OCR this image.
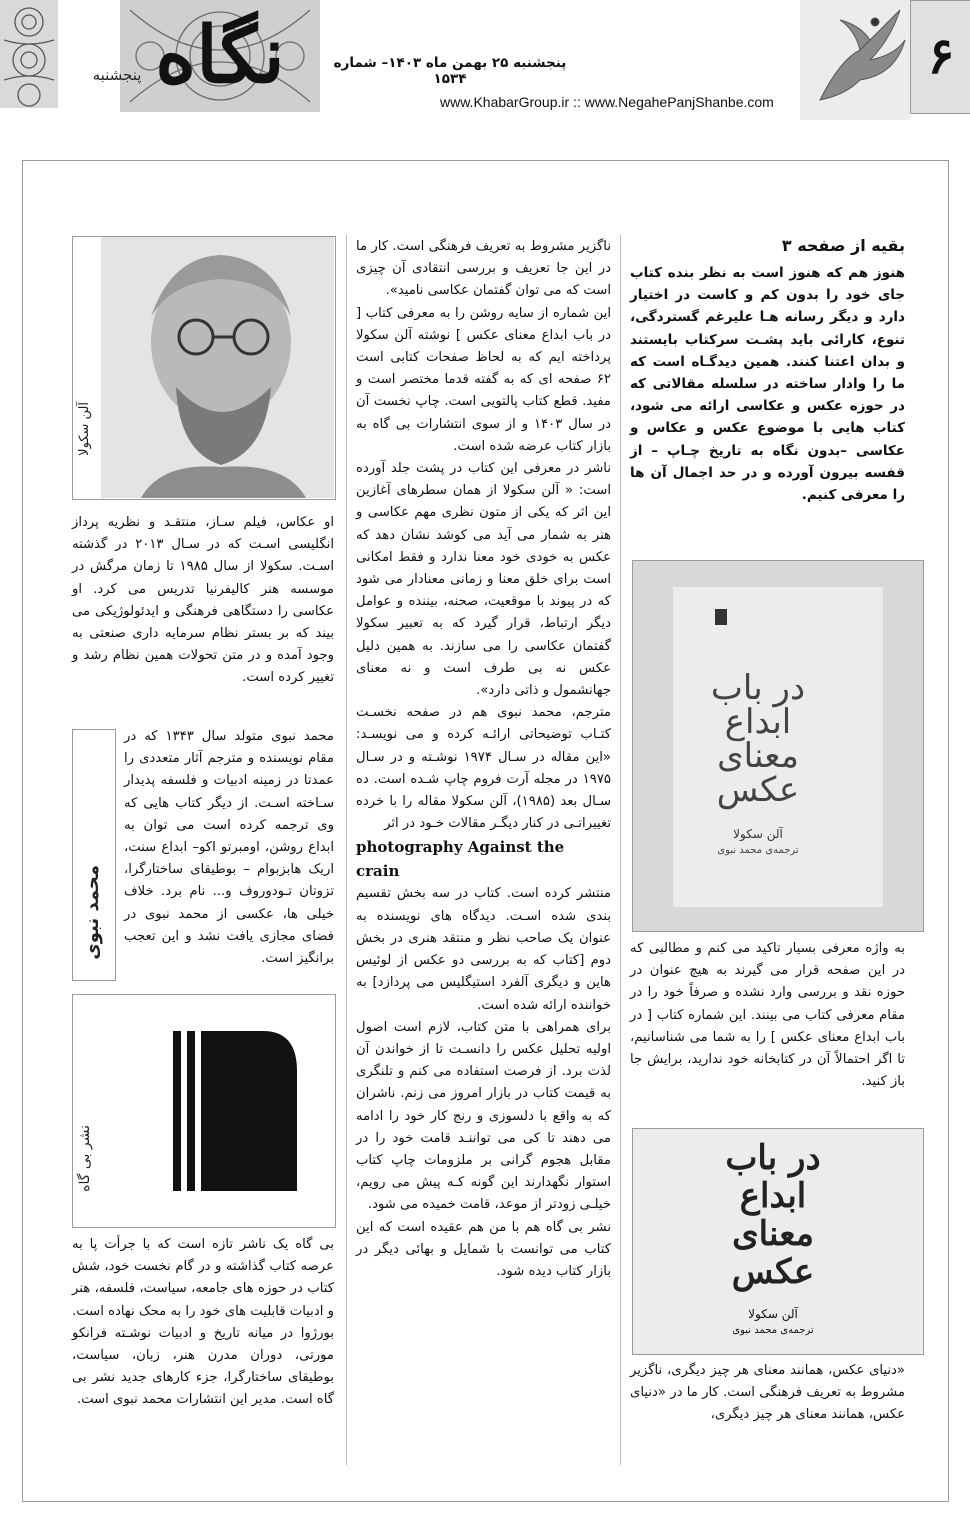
نگاه
پنجشنبه
پنجشنبه ۲۵ بهمن ماه ۱۴۰۳– شماره ۱۵۳۴
www.KhabarGroup.ir :: www.NegahePanjShanbe.com
۶
بقیه از صفحه ۳

هنوز هم که هنوز است به نظر بنده کتاب جای خود را بدون کم و کاست در اختیار دارد و دیگر رسانه هـا علیرغم گستردگی، تنوع، کارائی باید پشـت سرکتاب بایستند و بدان اعتنا کنند. همین دیدگـاه است که ما را وادار ساخته در سلسله مقالاتی که در حوزه عکس و عکاسی ارائه می شود، کتاب هایی با موضوع عکس و عکاس و عکاسی –بدون نگاه به تاریخ چـاپ – از قفسه بیرون آورده و در حد اجمال آن ها را معرفی کنیم.

در باب
ابداع
معنای
عکس
آلن سکولا
ترجمه‌ی محمد نبوی

به واژه معرفی بسیار تاکید می کنم و مطالبی که در این صفحه قرار می گیرند به هیچ عنوان در حوزه نقد و بررسی وارد نشده و صرفاً خود را در مقام معرفی کتاب می بینند. این شماره کتاب [ در باب ابداع معنای عکس ] را به شما می شناسانیم، تا اگر احتمالاً آن در کتابخانه خود ندارید، برایش جا باز کنید.

در باب
ابداع
معنای
عکس
آلن سکولا
ترجمه‌ی محمد نبوی

«دنیای عکس، همانند معنای هر چیز دیگری، ناگزیر مشروط به تعریف فرهنگی است. کار ما در «دنیای عکس، همانند معنای هر چیز دیگری،

ناگزیر مشروط به تعریف فرهنگی است. کار ما در این جا تعریف و بررسی انتقادی آن چیزی است که می توان گفتمان عکاسی نامید».

این شماره از سایه روشن را به معرفی کتاب [ در باب ابداع معنای عکس ] نوشته آلن سکولا پرداخته ایم که به لحاظ صفحات کتابی است ۶۲ صفحه ای که به گفته قدما مختصر است و مفید. قطع کتاب پالتویی است. چاپ نخست آن در سال ۱۴۰۳ و از سوی انتشارات بی گاه به بازار کتاب عرضه شده است.

ناشر در معرفی این کتاب در پشت جلد آورده است: « آلن سکولا از همان سطرهای آغازین این اثر که یکی از متون نظری مهم عکاسی و هنر به شمار می آید می کوشد نشان دهد که عکس به خودی خود معنا ندارد و فقط امکانی است برای خلق معنا و زمانی معنادار می شود که در پیوند با موقعیت، صحنه، بیننده و عوامل دیگر ارتباط، قرار گیرد که به تعبیر سکولا گفتمان عکاسی را می سازند. به همین دلیل عکس نه بی طرف است و نه معنای جهانشمول و ذاتی دارد».

مترجم، محمد نبوی هم در صفحه نخسـت کتـاب توضیحاتی ارائـه کرده و می نویسـد: «این مقاله در سـال ۱۹۷۴ نوشـته و در سـال ۱۹۷۵ در مجله آرت فروم چاپ شـده است. ده سـال بعد (۱۹۸۵)، آلن سکولا مقاله را با خرده تغییراتـی در کنار دیگـر مقالات خـود در اثر

photography Against the crain

منتشر کرده است. کتاب در سه بخش تقسیم بندی شده اسـت. دیدگاه های نویسنده به عنوان یک صاحب نظر و منتقد هنری در بخش دوم [کتاب که به بررسی دو عکس از لوئیس هاین و دیگری آلفرد استیگلیس می پردازد] به خواننده ارائه شده است.

برای همراهی با متن کتاب، لازم است اصول اولیه تحلیل عکس را دانسـت تا از خواندن آن لذت برد. از فرصت استفاده می کنم و تلنگری به قیمت کتاب در بازار امروز می زنم. ناشران که به واقع با دلسوزی و رنج کار خود را ادامه می دهند تا کی می تواننـد قامت خود را در مقابل هجوم گرانی بر ملزومات چاپ کتاب استوار نگهدارند این گونه کـه پیش می رویم، خیلـی زودتر از موعد، قامت خمیده می شود.

نشر بی گاه هم با من هم عقیده است که این کتاب می توانست با شمایل و بهائی دیگر در بازار کتاب دیده شود.

آلن سکولا

او عکاس، فیلم سـاز، منتقـد و نظریه پرداز انگلیسی اسـت که در سـال ۲۰۱۳ در گذشته اسـت. سکولا از سال ۱۹۸۵ تا زمان مرگش در موسسه هنر کالیفرنیا تدریس می کرد. او عکاسی را دستگاهی فرهنگی و ایدئولوژیکی می بیند که بر بستر نظام سرمایه داری صنعتی به وجود آمده و در متن تحولات همین نظام رشد و تغییر کرده است.

محمد نبوی

محمد نبوی متولد سال ۱۳۴۳ که در مقام نویسنده و مترجم آثار متعددی را عمدتا در زمینه ادبیات و فلسفه پدیدار سـاخته اسـت. از دیگر کتاب هایی که وی ترجمه کرده است می توان به ابداع روشن، اومبرتو اکو– ابداع سنت، اریک هابزبوام – بوطیقای ساختارگرا، تزوتان تـودوروف و... نام برد. خلاف خیلی ها، عکسی از محمد نبوی در فضای مجازی یافت نشد و این تعجب برانگیز است.

نشر بی گاه

بی گاه یک ناشر تازه است که با جرأت پا به عرصه کتاب گذاشته و در گام نخست خود، شش کتاب در حوزه های جامعه، سیاست، فلسفه، هنر و ادبیات قابلیت های خود را به محک نهاده است. بورژوا در میانه تاریخ و ادبیات نوشـته فرانکو مورتی، دوران مدرن هنر، زبان، سیاست، بوطیقای ساختارگرا، جزء کارهای جدید نشر بی گاه است. مدیر این انتشارات محمد نبوی است.
